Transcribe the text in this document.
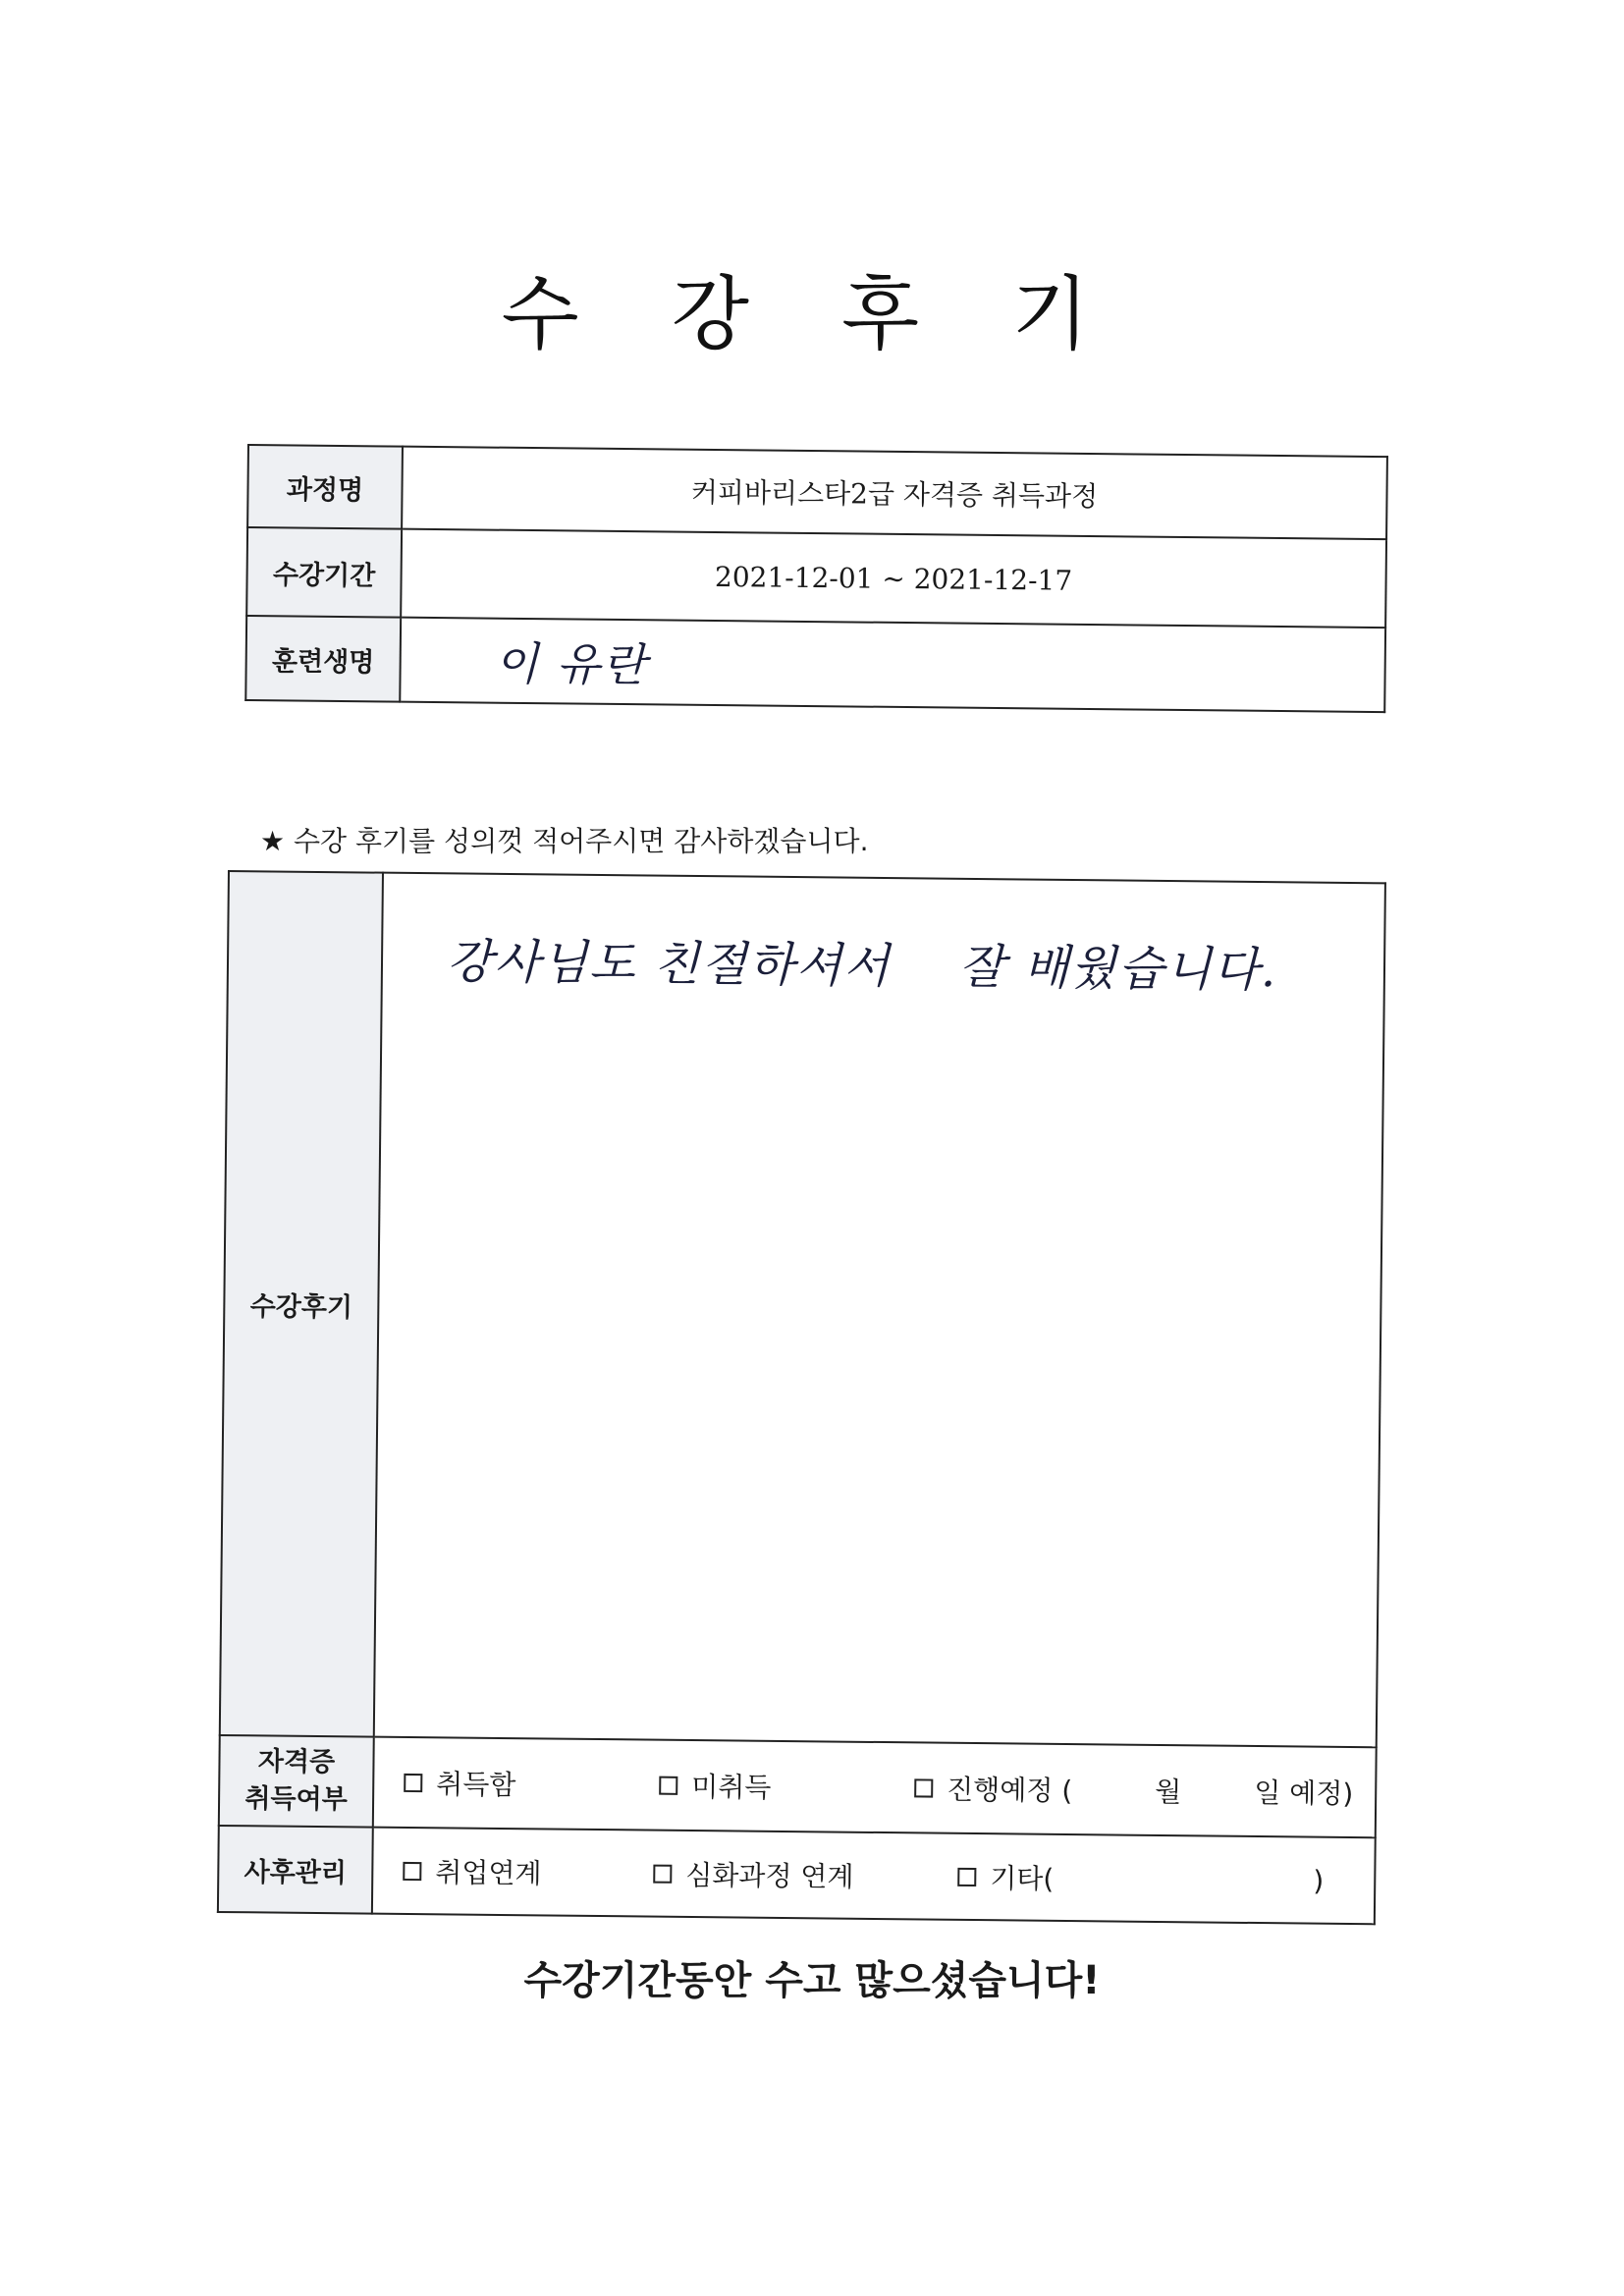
수 강 후 기
과정명	커피바리스타2급 자격증 취득과정
수강기간	2021-12-01 ~ 2021-12-17
훈련생명	이 유란
★ 수강 후기를 성의껏 적어주시면 감사하겠습니다.
수강후기	강사님도 친절하셔서    잘 배웠습니다.
자격증
취득여부	취득함 미취득 진행예정 ( 월 일 예정)

사후관리	취업연계 심화과정 연계 기타( )
수강기간동안 수고 많으셨습니다!
